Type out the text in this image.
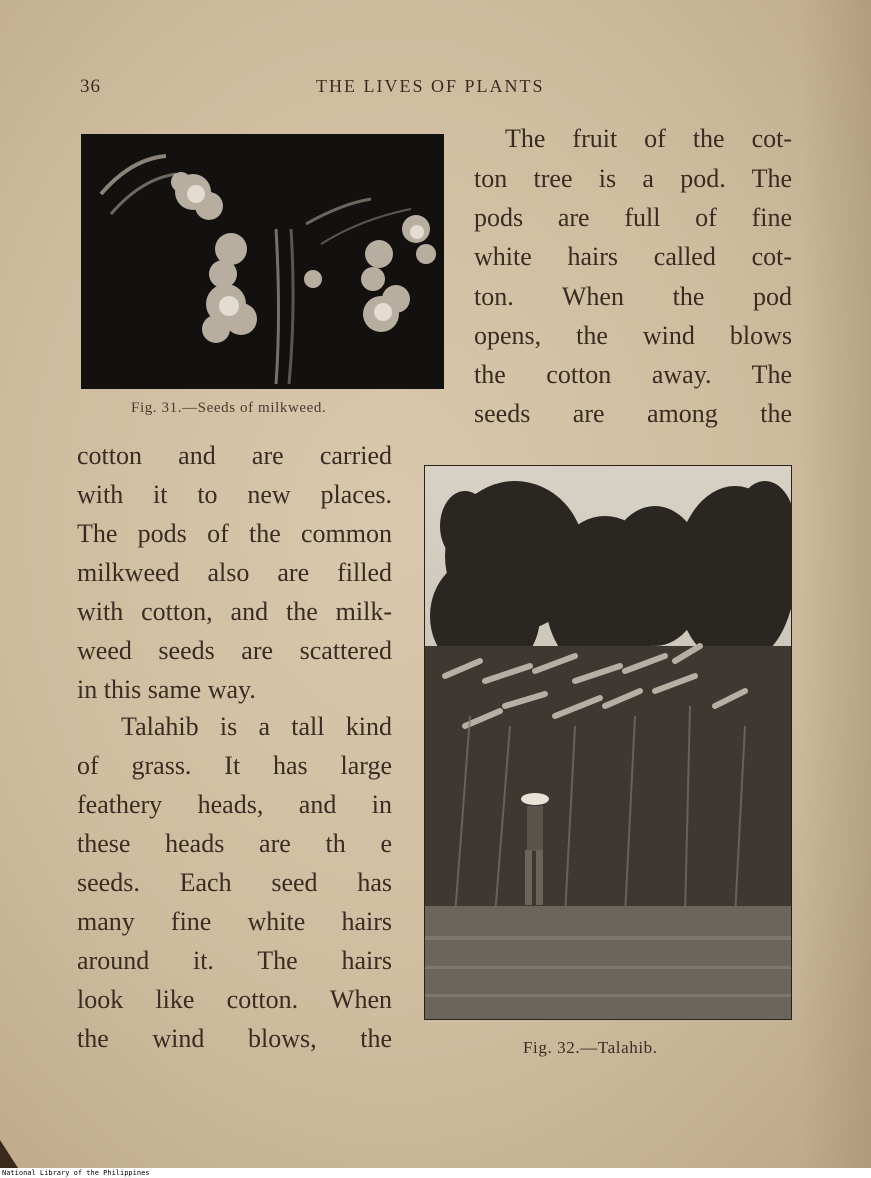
36	THE LIVES OF PLANTS
Fig. 31.—Seeds of milkweed.
The fruit of the cot-
ton tree is a pod. The
pods are full of fine
white hairs called cot-
ton. When the pod
opens, the wind blows
the cotton away. The
seeds are among the
Fig. 32.—Talahib.
cotton and are carried
with it to new places.
The pods of the common
milkweed also are filled
with cotton, and the milk-
weed seeds are scattered
in this same way.
Talahib is a tall kind
of grass. It has large
feathery heads, and in
these heads are th e
seeds. Each seed has
many fine white hairs
around it. The hairs
look like cotton. When
the wind blows, the
National Library of the Philippines
